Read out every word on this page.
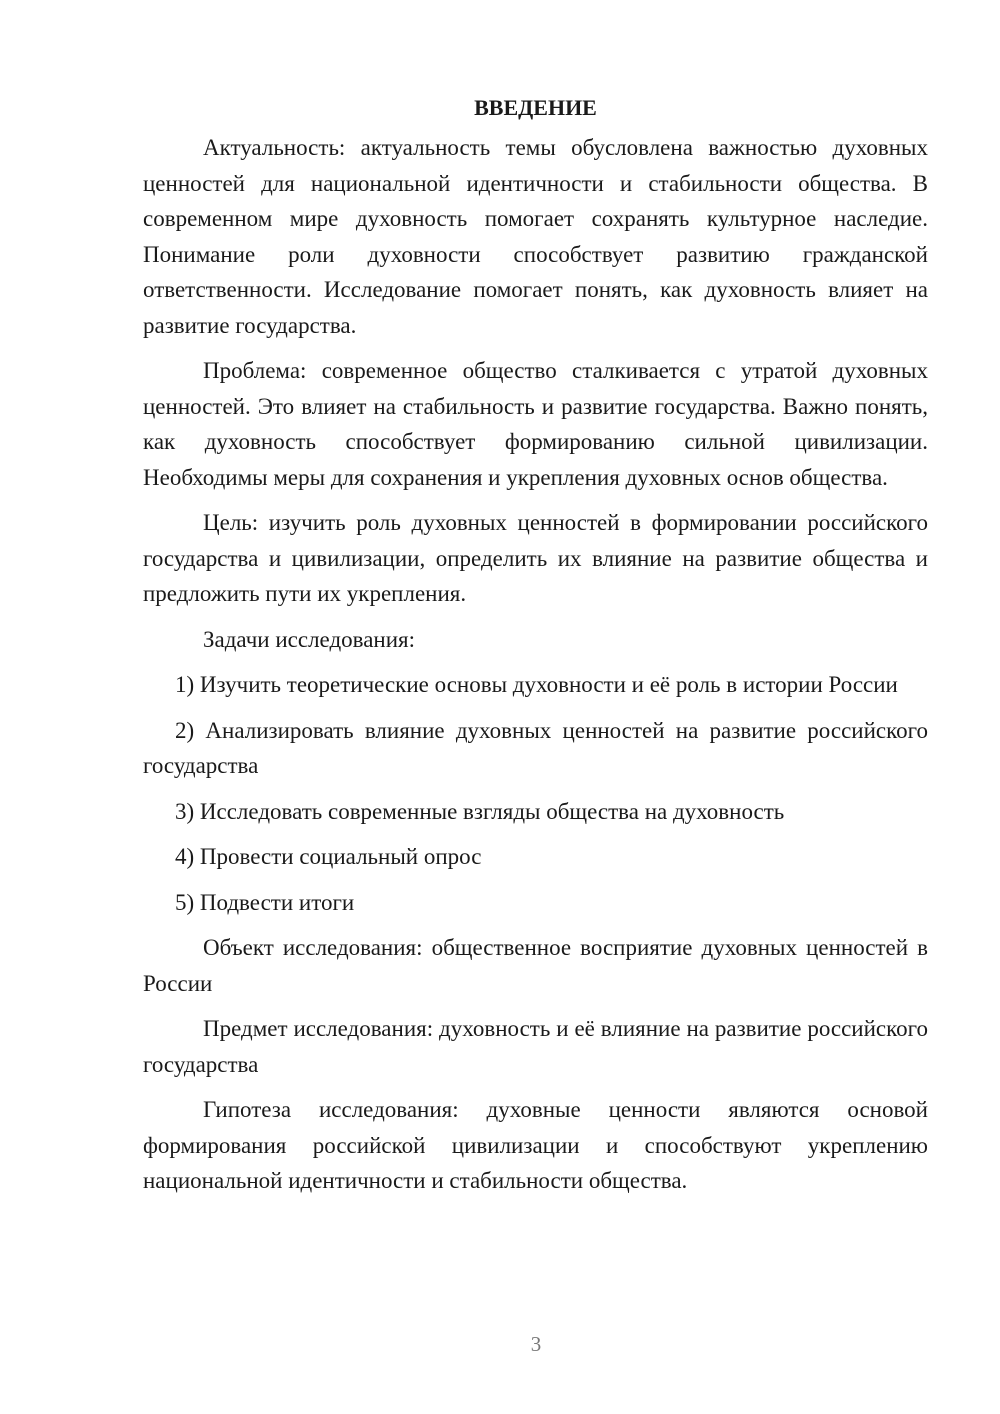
ВВЕДЕНИЕ

Актуальность: актуальность темы обусловлена важностью духовных ценностей для национальной идентичности и стабильности общества. В современном мире духовность помогает сохранять культурное наследие. Понимание роли духовности способствует развитию гражданской ответственности. Исследование помогает понять, как духовность влияет на развитие государства.

Проблема: современное общество сталкивается с утратой духовных ценностей. Это влияет на стабильность и развитие государства. Важно понять, как духовность способствует формированию сильной цивилизации. Необходимы меры для сохранения и укрепления духовных основ общества.

Цель: изучить роль духовных ценностей в формировании российского государства и цивилизации, определить их влияние на развитие общества и предложить пути их укрепления.

Задачи исследования:

1) Изучить теоретические основы духовности и её роль в истории России

2) Анализировать влияние духовных ценностей на развитие российского государства

3) Исследовать современные взгляды общества на духовность

4) Провести социальный опрос

5) Подвести итоги

Объект исследования: общественное восприятие духовных ценностей в России

Предмет исследования: духовность и её влияние на развитие российского государства

Гипотеза исследования: духовные ценности являются основой формирования российской цивилизации и способствуют укреплению национальной идентичности и стабильности общества.

3
